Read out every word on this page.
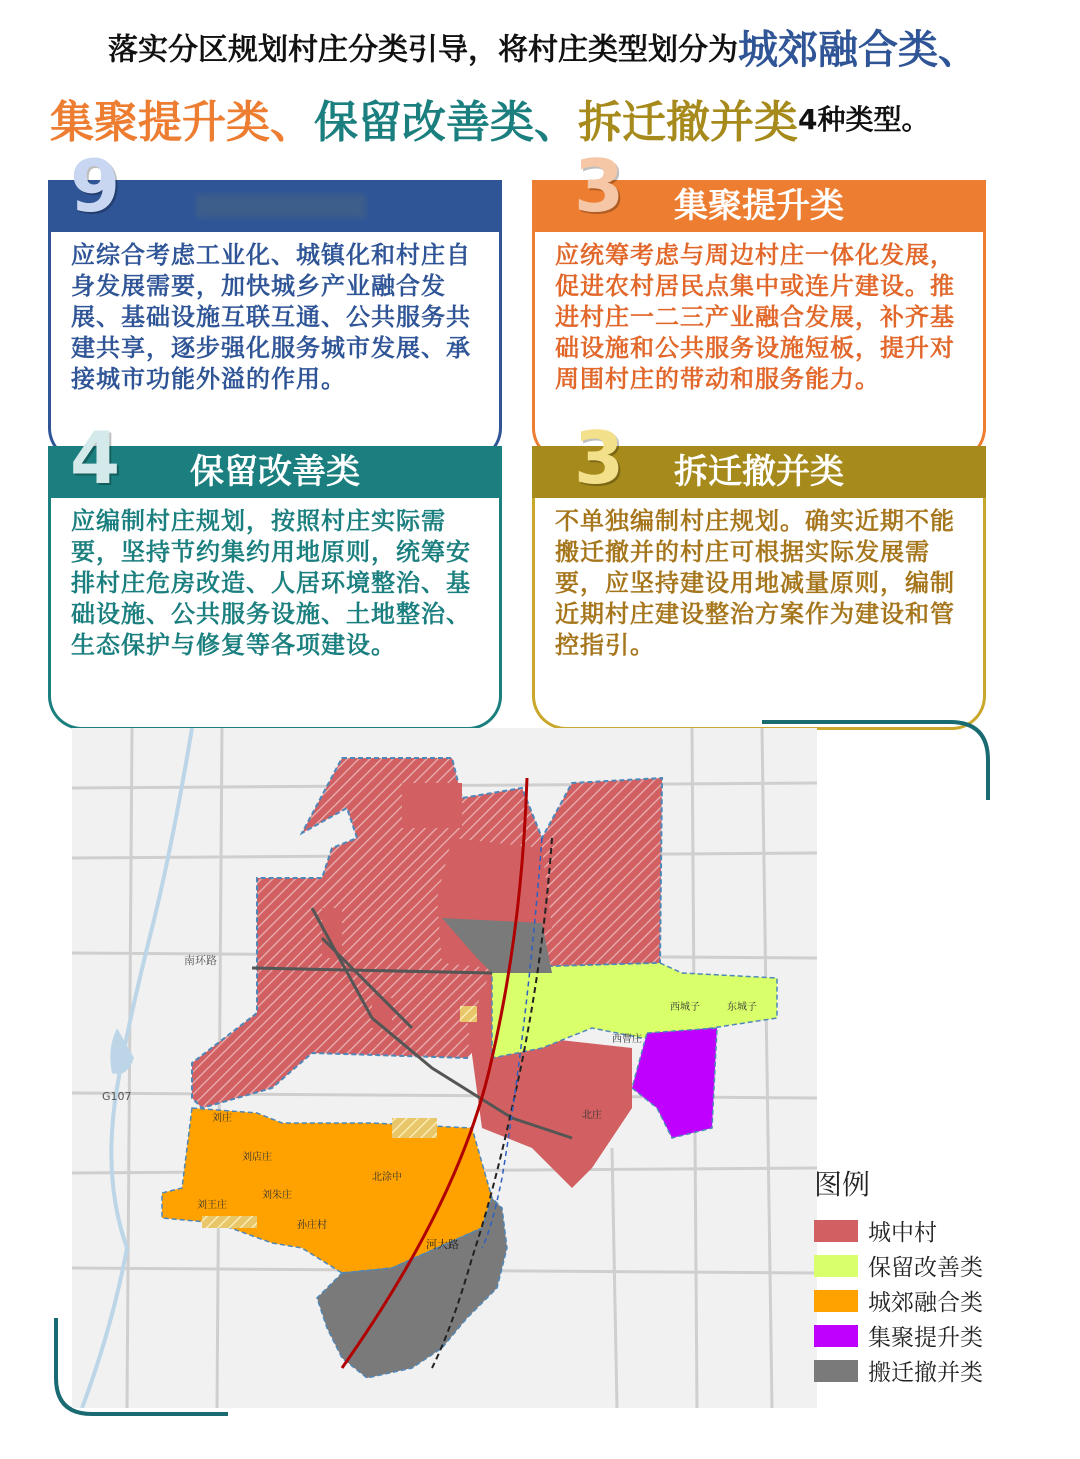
落实分区规划村庄分类引导，将村庄类型划分为城郊融合类、
集聚提升类、保留改善类、拆迁撤并类4种类型。
应综合考虑工业化、城镇化和村庄自身发展需要，加快城乡产业融合发展、基础设施互联互通、公共服务共建共享，逐步强化服务城市发展、承接城市功能外溢的作用。
9	集聚提升类
应统筹考虑与周边村庄一体化发展，促进农村居民点集中或连片建设。推进村庄一二三产业融合发展，补齐基础设施和公共服务设施短板，提升对周围村庄的带动和服务能力。
3
保留改善类
应编制村庄规划，按照村庄实际需要，坚持节约集约用地原则，统筹安排村庄危房改造、人居环境整治、基础设施、公共服务设施、土地整治、生态保护与修复等各项建设。
4	拆迁撤并类
不单独编制村庄规划。确实近期不能搬迁撤并的村庄可根据实际发展需要，应坚持建设用地减量原则，编制近期村庄建设整治方案作为建设和管控指引。
3
南环路
G107
河大路
刘庄
刘店庄
刘王庄
北涂中
孙庄村
西城子	东城子
西曹庄
北庄
刘朱庄	图例
城中村
保留改善类
城郊融合类
集聚提升类
搬迁撤并类
